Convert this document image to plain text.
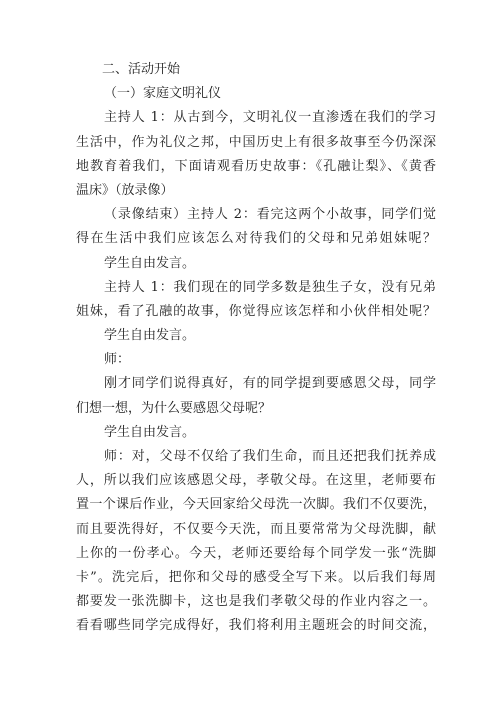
二、活动开始
（一）家庭文明礼仪
主持人 1：从古到今，文明礼仪一直渗透在我们的学习
生活中，作为礼仪之邦，中国历史上有很多故事至今仍深深
地教育着我们，下面请观看历史故事：《孔融让梨》、《黄香
温床》（放录像）
（录像结束）主持人 2：看完这两个小故事，同学们觉
得在生活中我们应该怎么对待我们的父母和兄弟姐妹呢？
学生自由发言。
主持人 1：我们现在的同学多数是独生子女，没有兄弟
姐妹，看了孔融的故事，你觉得应该怎样和小伙伴相处呢？
学生自由发言。
师：
刚才同学们说得真好，有的同学提到要感恩父母，同学
们想一想，为什么要感恩父母呢？
学生自由发言。
师：对，父母不仅给了我们生命，而且还把我们抚养成
人，所以我们应该感恩父母，孝敬父母。在这里，老师要布
置一个课后作业，今天回家给父母洗一次脚。我们不仅要洗，
而且要洗得好，不仅要今天洗，而且要常常为父母洗脚，献
上你的一份孝心。今天，老师还要给每个同学发一张“洗脚
卡”。洗完后，把你和父母的感受全写下来。以后我们每周
都要发一张洗脚卡，这也是我们孝敬父母的作业内容之一。
看看哪些同学完成得好，我们将利用主题班会的时间交流，
